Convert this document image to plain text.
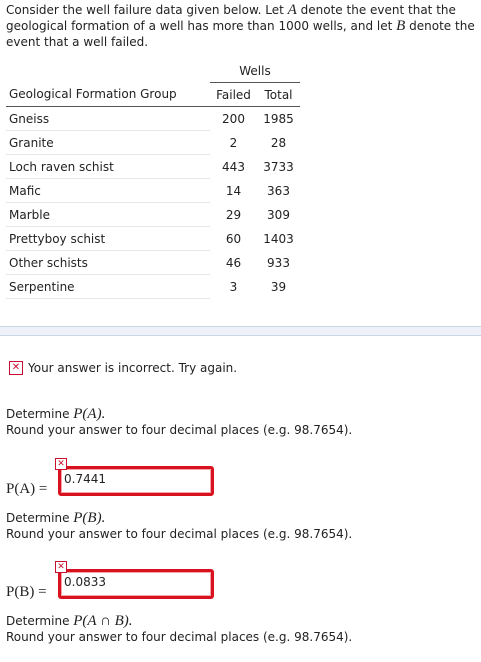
Consider the well failure data given below. Let A denote the event that the geological formation of a well has more than 1000 wells, and let B denote the event that a well failed.
	Wells	
Geological Formation Group	Failed	Total
Gneiss	200	1985
Granite	2	28
Loch raven schist	443	3733
Mafic	14	363
Marble	29	309
Prettyboy schist	60	1403
Other schists	46	933
Serpentine	3	39
✕ Your answer is incorrect. Try again.
Determine P(A).
Round your answer to four decimal places (e.g. 98.7654).
P(A) =
✕
0.7441
Determine P(B).
Round your answer to four decimal places (e.g. 98.7654).
P(B) =
✕
0.0833
Determine P(A ∩ B).
Round your answer to four decimal places (e.g. 98.7654).
